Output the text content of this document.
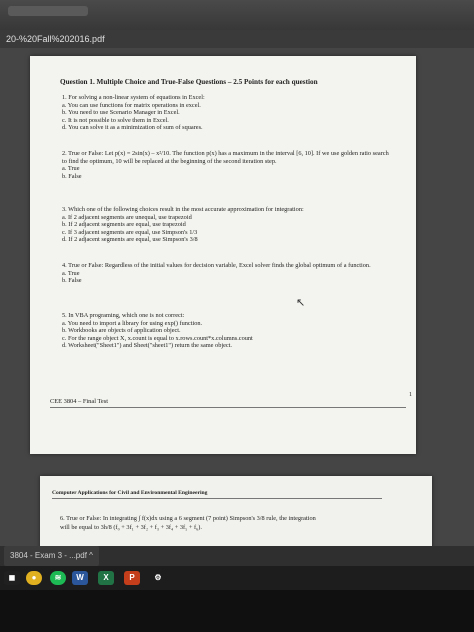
20-%20Fall%202016.pdf
Question 1. Multiple Choice and True-False Questions – 2.5 Points for each question
1. For solving a non-linear system of equations in Excel:
a. You can use functions for matrix operations in excel.
b. You need to use Scenario Manager in Excel.
c. It is not possible to solve them in Excel.
d. You can solve it as a minimization of sum of squares.
2. True or False: Let p(x) = 2sin(x) – x²/10. The function p(x) has a maximum in the interval [6, 10]. If we use golden ratio search to find the optimum, 10 will be replaced at the beginning of the second iteration step.
a. True
b. False
3. Which one of the following choices result in the most accurate approximation for integration:
a. If 2 adjacent segments are unequal, use trapezoid
b. If 2 adjacent segments are equal, use trapezoid
c. If 3 adjacent segments are equal, use Simpson's 1/3
d. If 2 adjacent segments are equal, use Simpson's 3/8
4. True or False: Regardless of the initial values for decision variable, Excel solver finds the global optimum of a function.
a. True
b. False
5. In VBA programing, which one is not correct:
a. You need to import a library for using exp() function.
b. Workbooks are objects of application object.
c. For the range object X, x.count is equal to x.rows.count*x.columns.count
d. Worksheet("Sheet1") and Sheet("sheet1") return the same object.
CEE 3804 – Final Test
1
↖
Computer Applications for Civil and Environmental Engineering
6. True or False: In integrating ∫ f(x)dx using a 6 segment (7 point) Simpson's 3/8 rule, the integration
will be equal to 3h/8 (f₀ + 3f₁ + 3f₂ + f₃ + 3f₄ + 3f₅ + f₆).
3804 - Exam 3 - ...pdf ^
◼	●	≋	W	X	P	⚙
